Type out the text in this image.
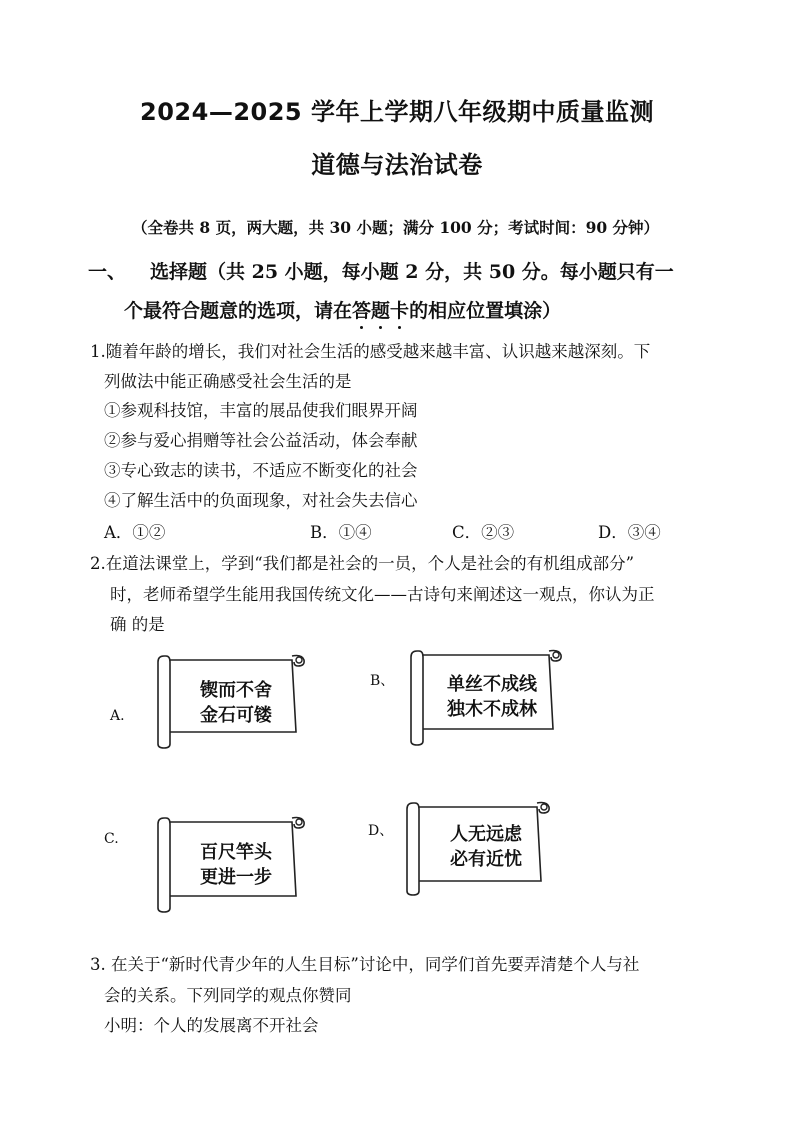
2024—2025 学年上学期八年级期中质量监测
道德与法治试卷
（全卷共 8 页，两大题，共 30 小题；满分 100 分；考试时间：90 分钟）
一、 选择题（共 25 小题，每小题 2 分，共 50 分。每小题只有一
个最符合题意的选项，请在答题卡的相应位置填涂）
1.随着年龄的增长，我们对社会生活的感受越来越丰富、认识越来越深刻。下
列做法中能正确感受社会生活的是
①参观科技馆，丰富的展品使我们眼界开阔
②参与爱心捐赠等社会公益活动，体会奉献
③专心致志的读书，不适应不断变化的社会
④了解生活中的负面现象，对社会失去信心
A．①②	B．①④	C．②③	D．③④
2.在道法课堂上，学到“我们都是社会的一员，个人是社会的有机组成部分”
时，老师希望学生能用我国传统文化——古诗句来阐述这一观点，你认为正
确 的是
A.
锲而不舍
金石可镂
B、	单丝不成线
独木不成林
C.
百尺竿头
更进一步
D、	人无远虑
必有近忧
3. 在关于“新时代青少年的人生目标”讨论中，同学们首先要弄清楚个人与社
会的关系。下列同学的观点你赞同
小明：个人的发展离不开社会
